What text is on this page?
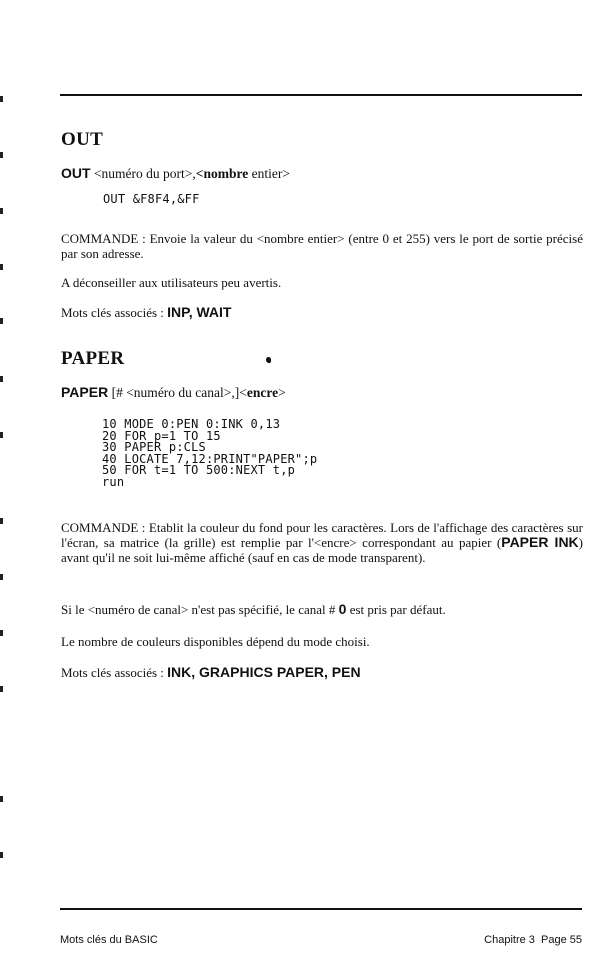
OUT
OUT <numéro du port>,<nombre entier>
OUT &F8F4,&FF
COMMANDE : Envoie la valeur du <nombre entier> (entre 0 et 255) vers le port de sortie précisé par son adresse.
A déconseiller aux utilisateurs peu avertis.
Mots clés associés : INP, WAIT
PAPER
PAPER [# <numéro du canal>,]<encre>
10 MODE 0:PEN 0:INK 0,13
20 FOR p=1 TO 15
30 PAPER p:CLS
40 LOCATE 7,12:PRINT"PAPER";p
50 FOR t=1 TO 500:NEXT t,p
run
COMMANDE : Etablit la couleur du fond pour les caractères. Lors de l'affichage des caractères sur l'écran, sa matrice (la grille) est remplie par l'<encre> correspondant au papier (PAPER INK) avant qu'il ne soit lui-même affiché (sauf en cas de mode transparent).
Si le <numéro de canal> n'est pas spécifié, le canal # 0 est pris par défaut.
Le nombre de couleurs disponibles dépend du mode choisi.
Mots clés associés : INK, GRAPHICS PAPER, PEN
Mots clés du BASIC	Chapitre 3  Page 55
